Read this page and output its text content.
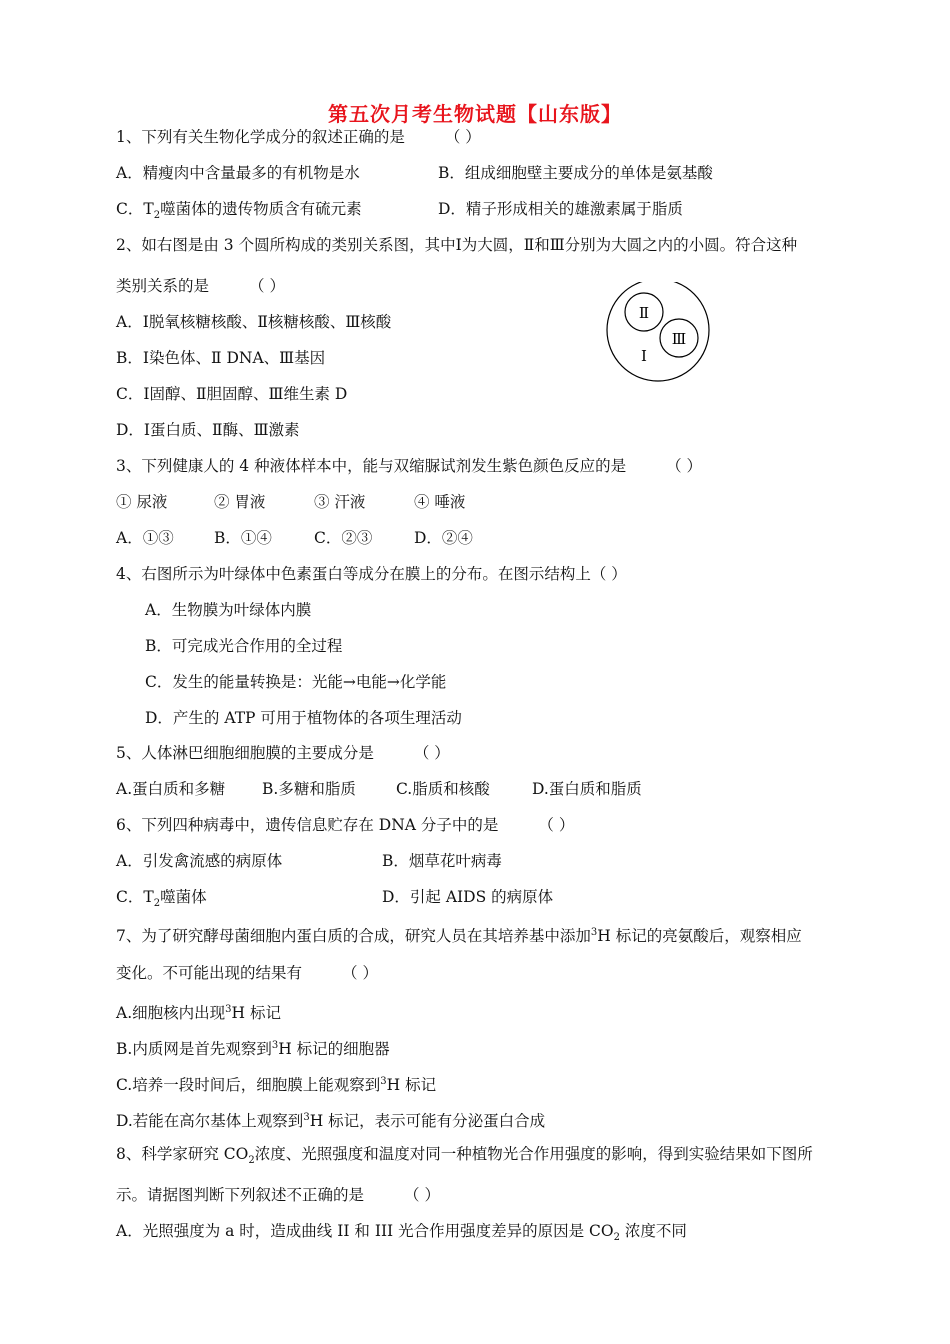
第五次月考生物试题【山东版】
1、下列有关生物化学成分的叙述正确的是	（ ）
A．精瘦肉中含量最多的有机物是水	B．组成细胞壁主要成分的单体是氨基酸
C．$T_2$噬菌体的遗传物质含有硫元素	D．精子形成相关的雄激素属于脂质
2、如右图是由 3 个圆所构成的类别关系图，其中Ⅰ为大圆，Ⅱ和Ⅲ分别为大圆之内的小圆。符合这种
类别关系的是	（ ）
A．Ⅰ脱氧核糖核酸、Ⅱ核糖核酸、Ⅲ核酸
B．Ⅰ染色体、Ⅱ DNA、Ⅲ基因
C．Ⅰ固醇、Ⅱ胆固醇、Ⅲ维生素 D
D．Ⅰ蛋白质、Ⅱ酶、Ⅲ激素
Ⅱ
Ⅲ
Ⅰ
3、下列健康人的 4 种液体样本中，能与双缩脲试剂发生紫色颜色反应的是	（ ）
① 尿液	② 胃液	③ 汗液	④ 唾液
A．①③	B．①④	C．②③	D．②④
4、右图所示为叶绿体中色素蛋白等成分在膜上的分布。在图示结构上（ ）
A．生物膜为叶绿体内膜
B．可完成光合作用的全过程
C．发生的能量转换是：光能→电能→化学能
D．产生的 ATP 可用于植物体的各项生理活动
5、人体淋巴细胞细胞膜的主要成分是	（ ）
A.蛋白质和多糖 B.多糖和脂质	C.脂质和核酸	D.蛋白质和脂质
6、下列四种病毒中，遗传信息贮存在 DNA 分子中的是	（ ）
A．引发禽流感的病原体	B．烟草花叶病毒
C．$T_2$噬菌体	D．引起 AIDS 的病原体
7、为了研究酵母菌细胞内蛋白质的合成，研究人员在其培养基中添加$^3$H 标记的亮氨酸后，观察相应
变化。不可能出现的结果有	（ ）
A.细胞核内出现$^3$H 标记
B.内质网是首先观察到$^3$H 标记的细胞器
C.培养一段时间后，细胞膜上能观察到$^3$H 标记
D.若能在高尔基体上观察到$^3$H 标记，表示可能有分泌蛋白合成
8、科学家研究 $CO_2$浓度、光照强度和温度对同一种植物光合作用强度的影响，得到实验结果如下图所
示。请据图判断下列叙述不正确的是	（ ）
A．光照强度为 a 时，造成曲线 II 和 III 光合作用强度差异的原因是 $CO_2$ 浓度不同
